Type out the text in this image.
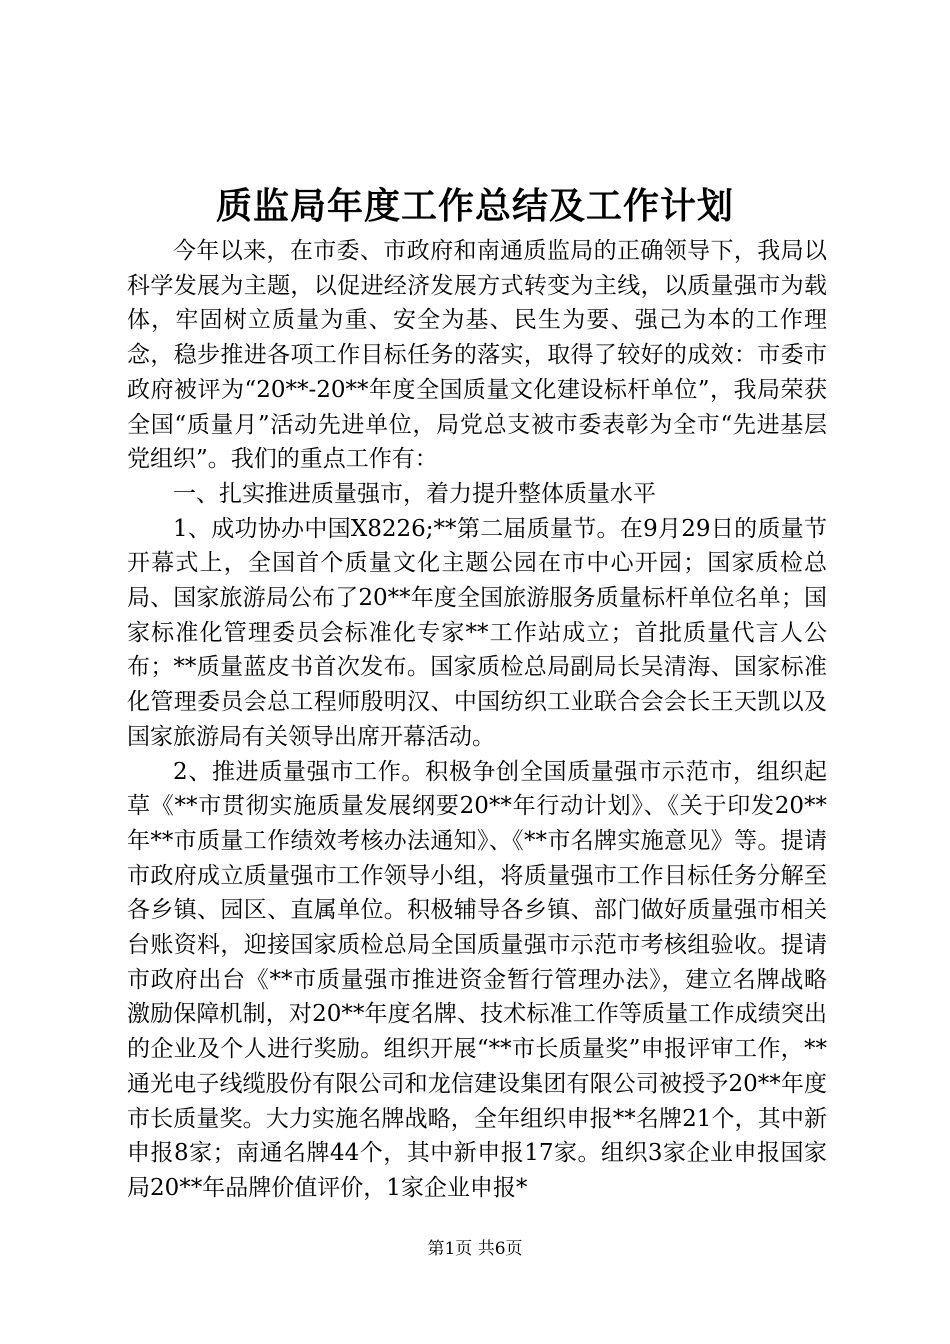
质监局年度工作总结及工作计划

今年以来，在市委、市政府和南通质监局的正确领导下，我局以科学发展为主题，以促进经济发展方式转变为主线，以质量强市为载体，牢固树立质量为重、安全为基、民生为要、强己为本的工作理念，稳步推进各项工作目标任务的落实，取得了较好的成效：市委市政府被评为“20**-20**年度全国质量文化建设标杆单位”，我局荣获全国“质量月”活动先进单位，局党总支被市委表彰为全市“先进基层党组织”。我们的重点工作有：

一、扎实推进质量强市，着力提升整体质量水平

1、成功协办中国X8226;**第二届质量节。在9月29日的质量节开幕式上，全国首个质量文化主题公园在市中心开园；国家质检总局、国家旅游局公布了20**年度全国旅游服务质量标杆单位名单；国家标准化管理委员会标准化专家**工作站成立；首批质量代言人公布；**质量蓝皮书首次发布。国家质检总局副局长吴清海、国家标准化管理委员会总工程师殷明汉、中国纺织工业联合会会长王天凯以及国家旅游局有关领导出席开幕活动。

2、推进质量强市工作。积极争创全国质量强市示范市，组织起草《**市贯彻实施质量发展纲要20**年行动计划》、《关于印发20**年**市质量工作绩效考核办法通知》、《**市名牌实施意见》等。提请市政府成立质量强市工作领导小组，将质量强市工作目标任务分解至各乡镇、园区、直属单位。积极辅导各乡镇、部门做好质量强市相关台账资料，迎接国家质检总局全国质量强市示范市考核组验收。提请市政府出台《**市质量强市推进资金暂行管理办法》，建立名牌战略激励保障机制，对20**年度名牌、技术标准工作等质量工作成绩突出的企业及个人进行奖励。组织开展“**市长质量奖”申报评审工作，**通光电子线缆股份有限公司和龙信建设集团有限公司被授予20**年度市长质量奖。大力实施名牌战略，全年组织申报**名牌21个，其中新申报8家；南通名牌44个，其中新申报17家。组织3家企业申报国家局20**年品牌价值评价，1家企业申报*

第1页 共6页
